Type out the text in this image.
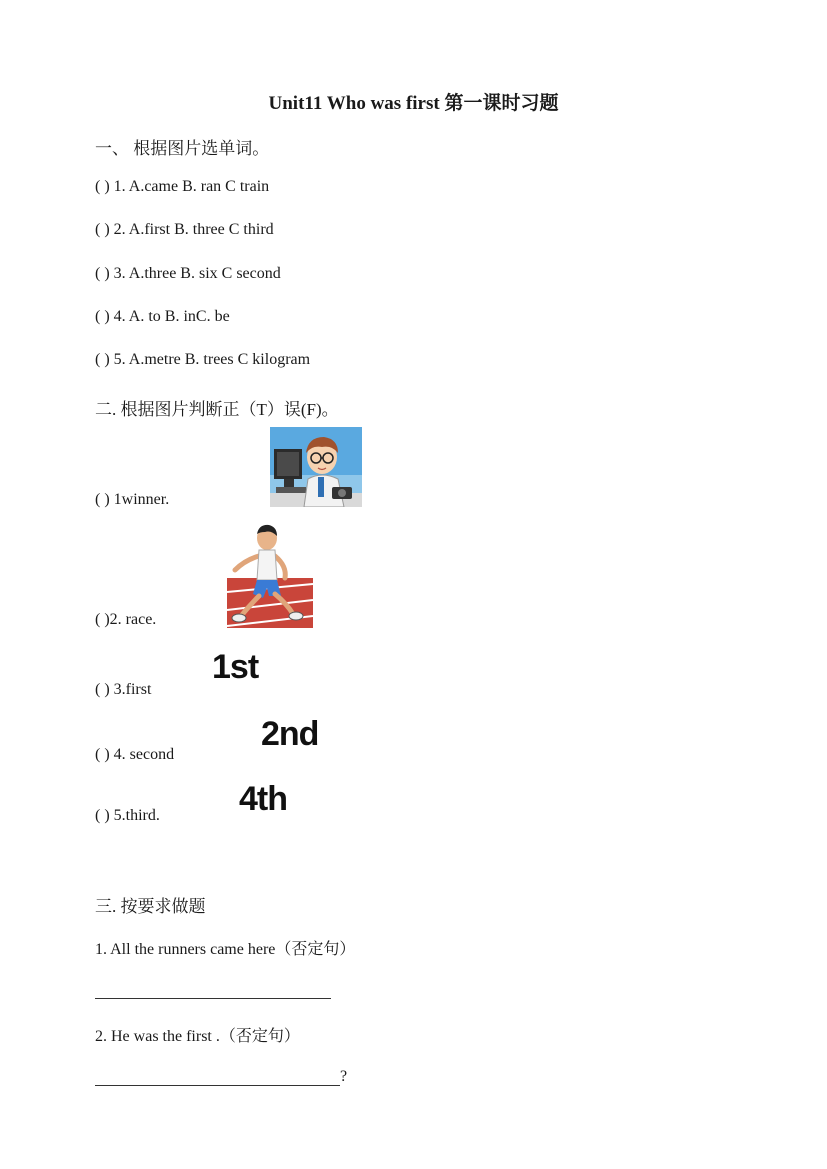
Unit11 Who was first 第一课时习题
一、 根据图片选单词。
( ) 1. A.came B. ran C train
( ) 2. A.first B. three C third
( ) 3. A.three B. six C second
( ) 4. A. to B. inC. be
( ) 5. A.metre B. trees C kilogram
二. 根据图片判断正（T）误(F)。
( ) 1winner.
( )2. race.
( ) 3.first
1st
( ) 4. second
2nd
( ) 5.third. 4th
三. 按要求做题
1. All the runners came here（否定句）
2. He was the first .（否定句）
?
